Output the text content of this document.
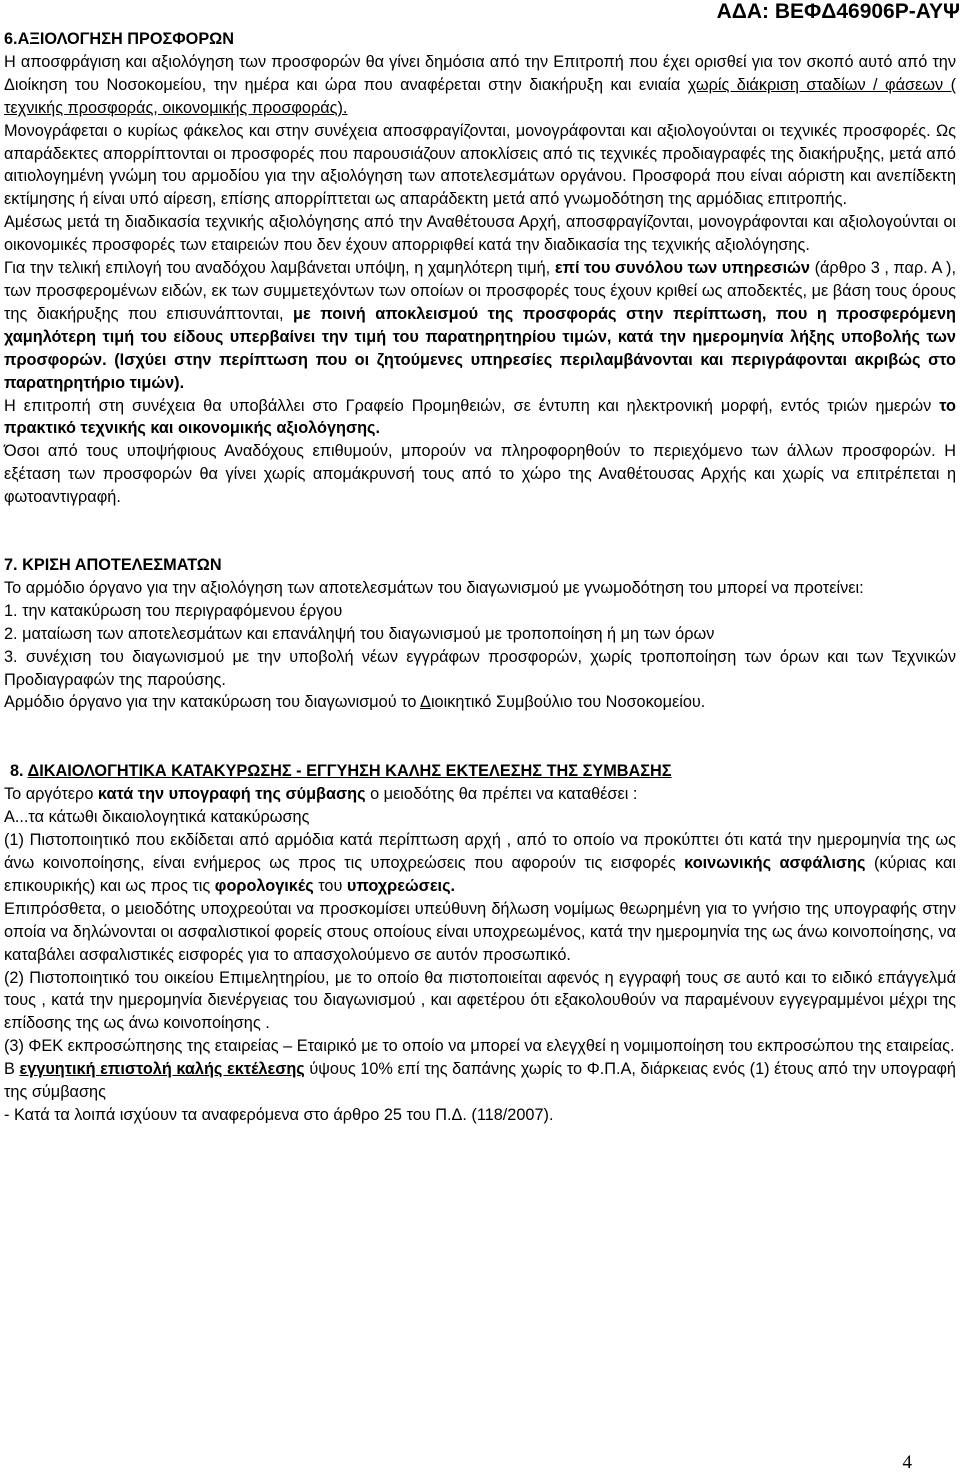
ΑΔΑ: ΒΕΦΔ46906Ρ-ΑΥΨ
6.ΑΞΙΟΛΟΓΗΣΗ ΠΡΟΣΦΟΡΩΝ

Η αποσφράγιση και αξιολόγηση των προσφορών θα γίνει δημόσια από την Επιτροπή που έχει ορισθεί για τον σκοπό αυτό από την Διοίκηση του Νοσοκομείου, την ημέρα και ώρα που αναφέρεται στην διακήρυξη και ενιαία χωρίς διάκριση σταδίων / φάσεων ( τεχνικής προσφοράς, οικονομικής προσφοράς).

Μονογράφεται ο κυρίως φάκελος και στην συνέχεια αποσφραγίζονται, μονογράφονται και αξιολογούνται οι τεχνικές προσφορές. Ως απαράδεκτες απορρίπτονται οι προσφορές που παρουσιάζουν αποκλίσεις από τις τεχνικές προδιαγραφές της διακήρυξης, μετά από αιτιολογημένη γνώμη του αρμοδίου για την αξιολόγηση των αποτελεσμάτων οργάνου. Προσφορά που είναι αόριστη και ανεπίδεκτη εκτίμησης ή είναι υπό αίρεση, επίσης απορρίπτεται ως απαράδεκτη μετά από γνωμοδότηση της αρμόδιας επιτροπής.

Αμέσως μετά τη διαδικασία τεχνικής αξιολόγησης από την Αναθέτουσα Αρχή, αποσφραγίζονται, μονογράφονται και αξιολογούνται οι οικονομικές προσφορές των εταιρειών που δεν έχουν απορριφθεί κατά την διαδικασία της τεχνικής αξιολόγησης.

Για την τελική επιλογή του αναδόχου λαμβάνεται υπόψη, η χαμηλότερη τιμή, επί του συνόλου των υπηρεσιών (άρθρο 3 , παρ. Α ), των προσφερομένων ειδών, εκ των συμμετεχόντων των οποίων οι προσφορές τους έχουν κριθεί ως αποδεκτές, με βάση τους όρους της διακήρυξης που επισυνάπτονται, με ποινή αποκλεισμού της προσφοράς στην περίπτωση, που η προσφερόμενη χαμηλότερη τιμή του είδους υπερβαίνει την τιμή του παρατηρητηρίου τιμών, κατά την ημερομηνία λήξης υποβολής των προσφορών. (Ισχύει στην περίπτωση που οι ζητούμενες υπηρεσίες περιλαμβάνονται και περιγράφονται ακριβώς στο παρατηρητήριο τιμών).

Η επιτροπή στη συνέχεια θα υποβάλλει στο Γραφείο Προμηθειών, σε έντυπη και ηλεκτρονική μορφή, εντός τριών ημερών το πρακτικό τεχνικής και οικονομικής αξιολόγησης.

Όσοι από τους υποψήφιους Αναδόχους επιθυμούν, μπορούν να πληροφορηθούν το περιεχόμενο των άλλων προσφορών. Η εξέταση των προσφορών θα γίνει χωρίς απομάκρυνσή τους από το χώρο της Αναθέτουσας Αρχής και χωρίς να επιτρέπεται η φωτοαντιγραφή.

7. ΚΡΙΣΗ ΑΠΟΤΕΛΕΣΜΑΤΩΝ

Το αρμόδιο όργανο για την αξιολόγηση των αποτελεσμάτων του διαγωνισμού με γνωμοδότηση του μπορεί να προτείνει:

1. την κατακύρωση του περιγραφόμενου έργου

2. ματαίωση των αποτελεσμάτων και επανάληψή του διαγωνισμού με τροποποίηση ή μη των όρων

3. συνέχιση του διαγωνισμού με την υποβολή νέων εγγράφων προσφορών, χωρίς τροποποίηση των όρων και των Τεχνικών Προδιαγραφών της παρούσης.

Αρμόδιο όργανο για την κατακύρωση του διαγωνισμού το Διοικητικό Συμβούλιο του Νοσοκομείου.

8. ΔΙΚΑΙΟΛΟΓΗΤΙΚΑ ΚΑΤΑΚΥΡΩΣΗΣ - ΕΓΓΥΗΣΗ ΚΑΛΗΣ ΕΚΤΕΛΕΣΗΣ ΤΗΣ ΣΥΜΒΑΣΗΣ

Το αργότερο κατά την υπογραφή της σύμβασης ο μειοδότης θα πρέπει να καταθέσει :

Α...τα κάτωθι δικαιολογητικά κατακύρωσης

(1) Πιστοποιητικό που εκδίδεται από αρμόδια κατά περίπτωση αρχή , από το οποίο να προκύπτει ότι κατά την ημερομηνία της ως άνω κοινοποίησης, είναι ενήμερος ως προς τις υποχρεώσεις που αφορούν τις εισφορές κοινωνικής ασφάλισης (κύριας και επικουρικής) και ως προς τις φορολογικές του υποχρεώσεις.

Επιπρόσθετα, ο μειοδότης υποχρεούται να προσκομίσει υπεύθυνη δήλωση νομίμως θεωρημένη για το γνήσιο της υπογραφής στην οποία να δηλώνονται οι ασφαλιστικοί φορείς στους οποίους είναι υποχρεωμένος, κατά την ημερομηνία της ως άνω κοινοποίησης, να καταβάλει ασφαλιστικές εισφορές για το απασχολούμενο σε αυτόν προσωπικό.

(2) Πιστοποιητικό του οικείου Επιμελητηρίου, με το οποίο θα πιστοποιείται αφενός η εγγραφή τους σε αυτό και το ειδικό επάγγελμά τους , κατά την ημερομηνία διενέργειας του διαγωνισμού , και αφετέρου ότι εξακολουθούν να παραμένουν εγγεγραμμένοι μέχρι της επίδοσης της ως άνω κοινοποίησης .

(3) ΦΕΚ εκπροσώπησης της εταιρείας – Εταιρικό με το οποίο να μπορεί να ελεγχθεί η νομιμοποίηση του εκπροσώπου της εταιρείας.

Β εγγυητική επιστολή καλής εκτέλεσης ύψους 10% επί της δαπάνης χωρίς το Φ.Π.Α, διάρκειας ενός (1) έτους από την υπογραφή της σύμβασης

- Κατά τα λοιπά ισχύουν τα αναφερόμενα στο άρθρο 25 του Π.Δ. (118/2007).

4
